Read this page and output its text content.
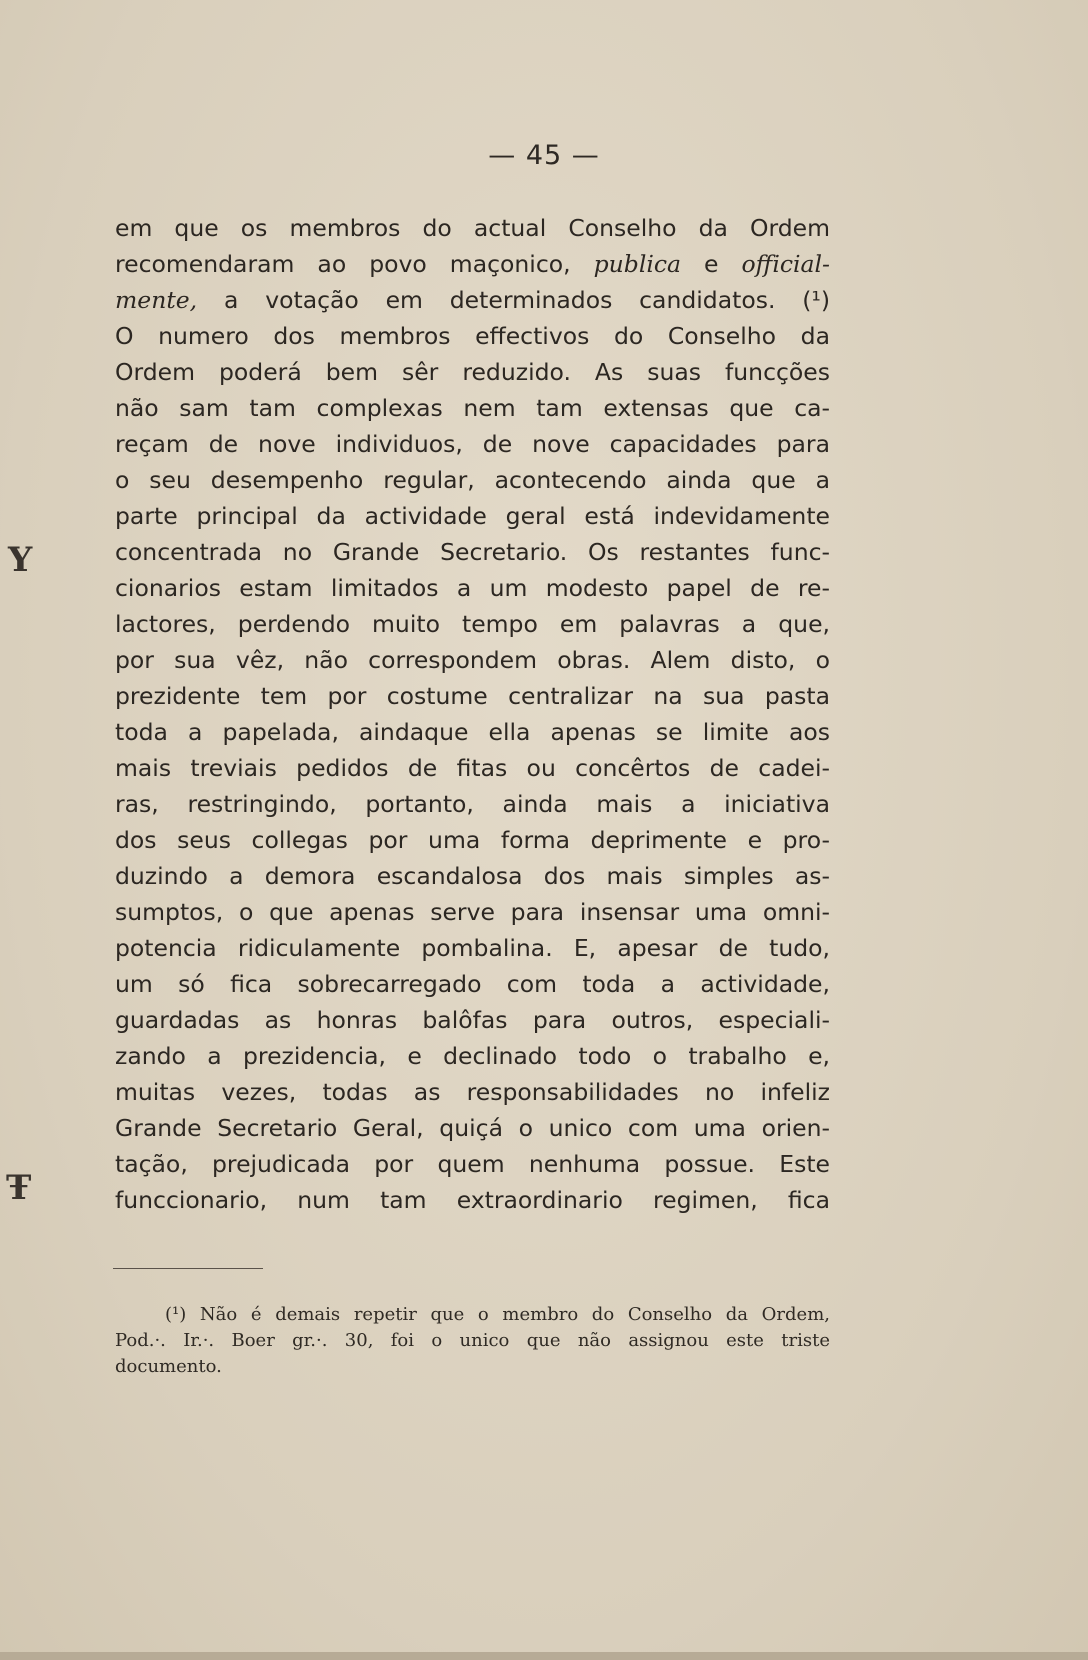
— 45 —
em que os membros do actual Conselho da Ordem
recomendaram ao povo maçonico, publica e official-
mente, a votação em determinados candidatos. (¹)
O numero dos membros effectivos do Conselho da
Ordem poderá bem sêr reduzido. As suas funcções
não sam tam complexas nem tam extensas que ca-
reçam de nove individuos, de nove capacidades para
o seu desempenho regular, acontecendo ainda que a
parte principal da actividade geral está indevidamente
concentrada no Grande Secretario. Os restantes func-
cionarios estam limitados a um modesto papel de re-
lactores, perdendo muito tempo em palavras a que,
por sua vêz, não correspondem obras. Alem disto, o
prezidente tem por costume centralizar na sua pasta
toda a papelada, aindaque ella apenas se limite aos
mais treviais pedidos de fitas ou concêrtos de cadei-
ras, restringindo, portanto, ainda mais a iniciativa
dos seus collegas por uma forma deprimente e pro-
duzindo a demora escandalosa dos mais simples as-
sumptos, o que apenas serve para insensar uma omni-
potencia ridiculamente pombalina. E, apesar de tudo,
um só fica sobrecarregado com toda a actividade,
guardadas as honras balôfas para outros, especiali-
zando a prezidencia, e declinado todo o trabalho e,
muitas vezes, todas as responsabilidades no infeliz
Grande Secretario Geral, quiçá o unico com uma orien-
tação, prejudicada por quem nenhuma possue. Este
funccionario, num tam extraordinario regimen, fica
(¹) Não é demais repetir que o membro do Conselho da Ordem,
Pod.·. Ir.·. Boer gr.·. 30, foi o unico que não assignou este triste
documento.
Y
Ŧ
